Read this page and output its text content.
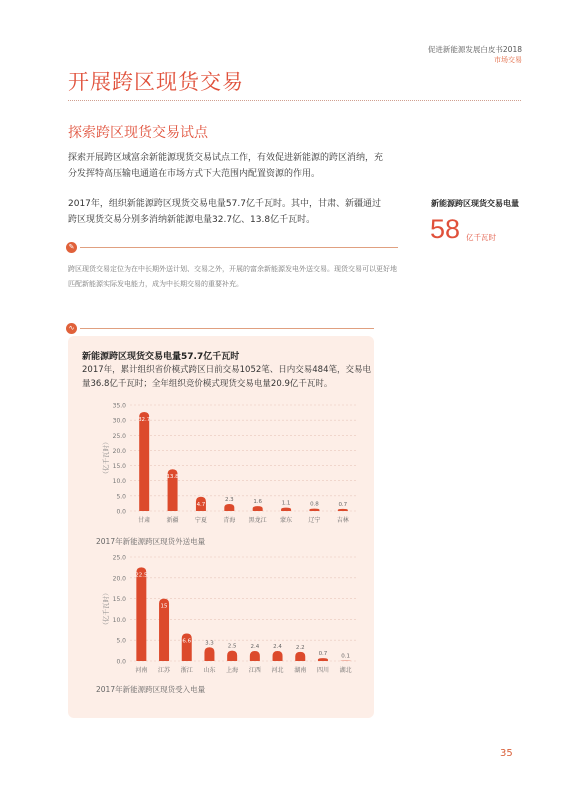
促进新能源发展白皮书2018
市场交易
开展跨区现货交易
探索跨区现货交易试点
探索开展跨区域富余新能源现货交易试点工作，有效促进新能源的跨区消纳，充分发挥特高压输电通道在市场方式下大范围内配置资源的作用。
2017年，组织新能源跨区现货交易电量57.7亿千瓦时。其中，甘肃、新疆通过跨区现货交易分别多消纳新能源电量32.7亿、13.8亿千瓦时。
新能源跨区现货交易电量
58 亿千瓦时
✎
跨区现货交易定位为在中长期外送计划、交易之外，开展的富余新能源发电外送交易。现货交易可以更好地匹配新能源实际发电能力，成为中长期交易的重要补充。
∿
新能源跨区现货交易电量57.7亿千瓦时
2017年，累计组织省价模式跨区日前交易1052笔、日内交易484笔，交易电量36.8亿千瓦时；全年组织竞价模式现货交易电量20.9亿千瓦时。
0.0
5.0
10.0
15.0
20.0
25.0
30.0
35.0
（亿千瓦时）
32.7
甘肃
13.8
新疆
4.7
宁夏
2.3
青海
1.6
黑龙江
1.1
蒙东
0.8
辽宁
0.7
吉林
0.0
5.0
10.0
15.0
20.0
25.0
（亿千瓦时）
22.5
河南
15
江苏
6.6
浙江
3.3
山东
2.5
上海
2.4
江西
2.4
河北
2.2
湖南
0.7
四川
0.1
湖北
2017年新能源跨区现货外送电量
2017年新能源跨区现货受入电量
35
